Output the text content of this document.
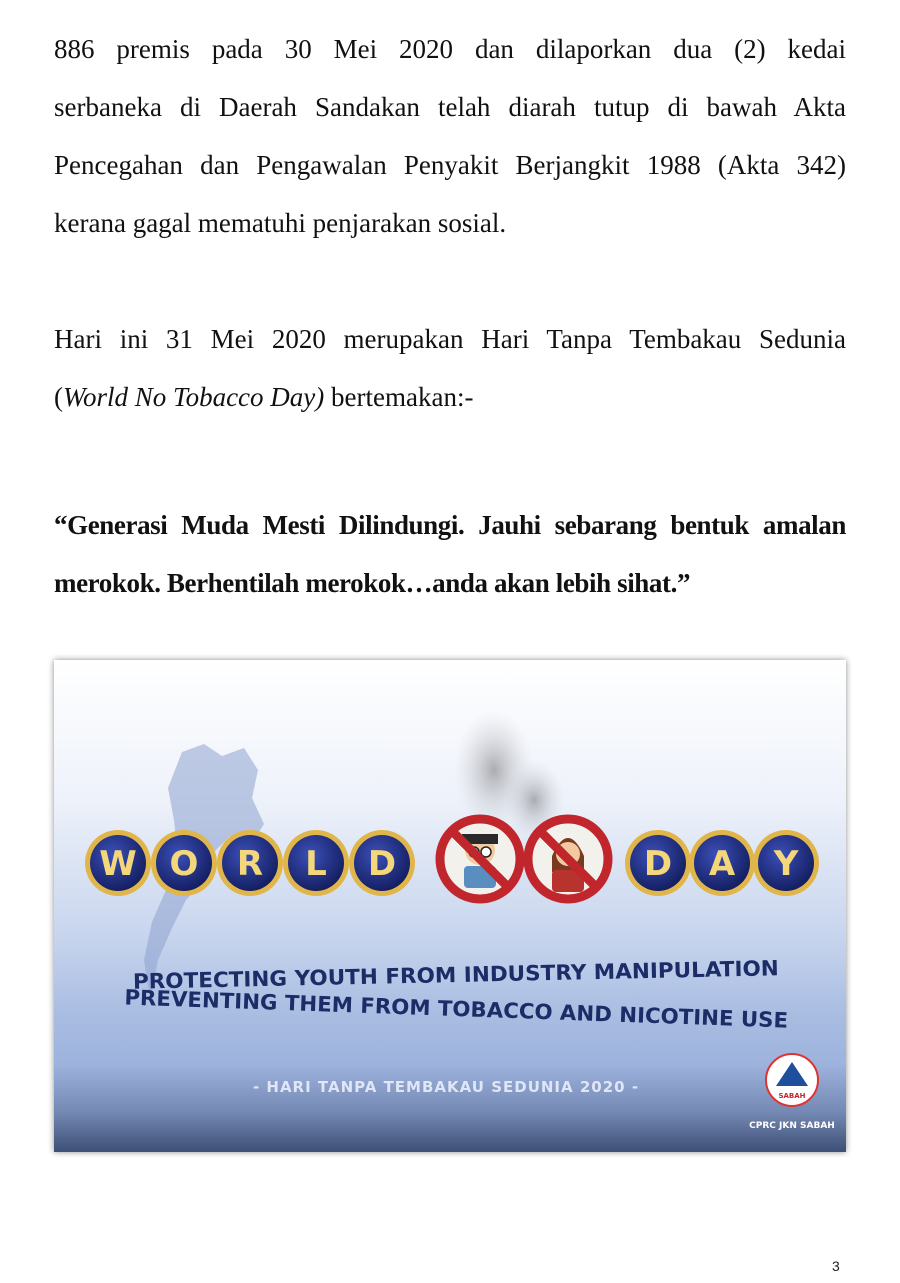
886 premis pada 30 Mei 2020 dan dilaporkan dua (2) kedai
serbaneka di Daerah Sandakan telah diarah tutup di bawah Akta
Pencegahan dan Pengawalan Penyakit Berjangkit 1988 (Akta 342)
kerana gagal mematuhi penjarakan sosial.
Hari ini 31 Mei 2020 merupakan Hari Tanpa Tembakau Sedunia
(World No Tobacco Day) bertemakan:-
“Generasi Muda Mesti Dilindungi. Jauhi sebarang bentuk amalan
merokok. Berhentilah merokok…anda akan lebih sihat.”
W O R L D	D A Y
PROTECTING YOUTH FROM INDUSTRY MANIPULATION
PREVENTING THEM FROM TOBACCO AND NICOTINE USE
- HARI TANPA TEMBAKAU SEDUNIA 2020 -	SABAH
CPRC JKN SABAH
3
